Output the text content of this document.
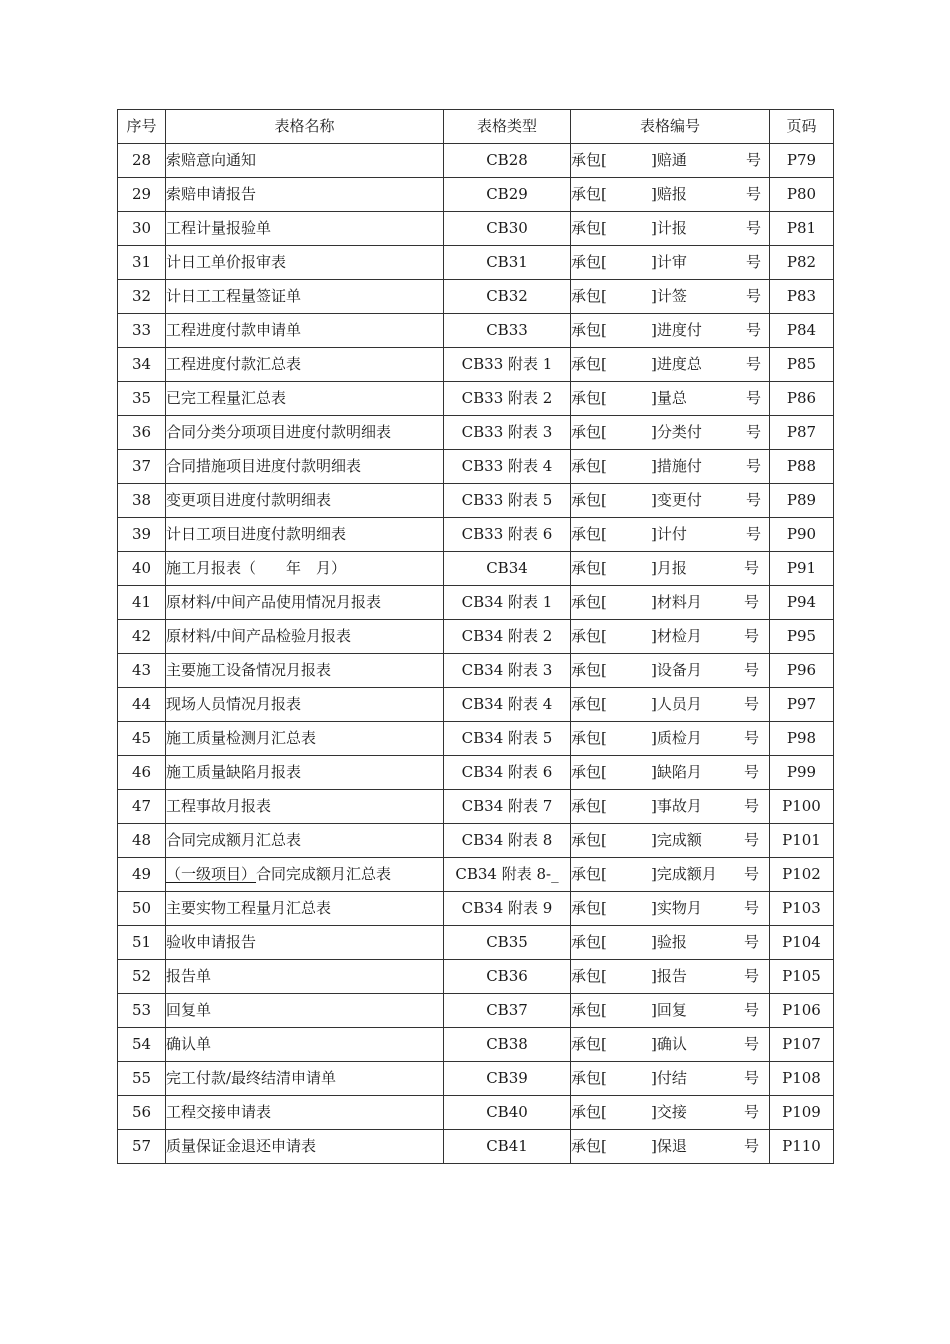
序号	表格名称	表格类型	表格编号	页码
28	索赔意向通知	CB28	承包[ ]赔通 号	P79
29	索赔申请报告	CB29	承包[ ]赔报 号	P80
30	工程计量报验单	CB30	承包[ ]计报 号	P81
31	计日工单价报审表	CB31	承包[ ]计审 号	P82
32	计日工工程量签证单	CB32	承包[ ]计签 号	P83
33	工程进度付款申请单	CB33	承包[ ]进度付 号	P84
34	工程进度付款汇总表	CB33 附表 1	承包[ ]进度总 号	P85
35	已完工程量汇总表	CB33 附表 2	承包[ ]量总 号	P86
36	合同分类分项项目进度付款明细表	CB33 附表 3	承包[ ]分类付 号	P87
37	合同措施项目进度付款明细表	CB33 附表 4	承包[ ]措施付 号	P88
38	变更项目进度付款明细表	CB33 附表 5	承包[ ]变更付 号	P89
39	计日工项目进度付款明细表	CB33 附表 6	承包[ ]计付 号	P90
40	施工月报表（　　年　月）	CB34	承包[ ]月报 号	P91
41	原材料/中间产品使用情况月报表	CB34 附表 1	承包[ ]材料月 号	P94
42	原材料/中间产品检验月报表	CB34 附表 2	承包[ ]材检月 号	P95
43	主要施工设备情况月报表	CB34 附表 3	承包[ ]设备月 号	P96
44	现场人员情况月报表	CB34 附表 4	承包[ ]人员月 号	P97
45	施工质量检测月汇总表	CB34 附表 5	承包[ ]质检月 号	P98
46	施工质量缺陷月报表	CB34 附表 6	承包[ ]缺陷月 号	P99
47	工程事故月报表	CB34 附表 7	承包[ ]事故月 号	P100
48	合同完成额月汇总表	CB34 附表 8	承包[ ]完成额 号	P101
49	（一级项目）合同完成额月汇总表	CB34 附表 8-_	承包[ ]完成额月 号	P102
50	主要实物工程量月汇总表	CB34 附表 9	承包[ ]实物月 号	P103
51	验收申请报告	CB35	承包[ ]验报 号	P104
52	报告单	CB36	承包[ ]报告 号	P105
53	回复单	CB37	承包[ ]回复 号	P106
54	确认单	CB38	承包[ ]确认 号	P107
55	完工付款/最终结清申请单	CB39	承包[ ]付结 号	P108
56	工程交接申请表	CB40	承包[ ]交接 号	P109
57	质量保证金退还申请表	CB41	承包[ ]保退 号	P110
